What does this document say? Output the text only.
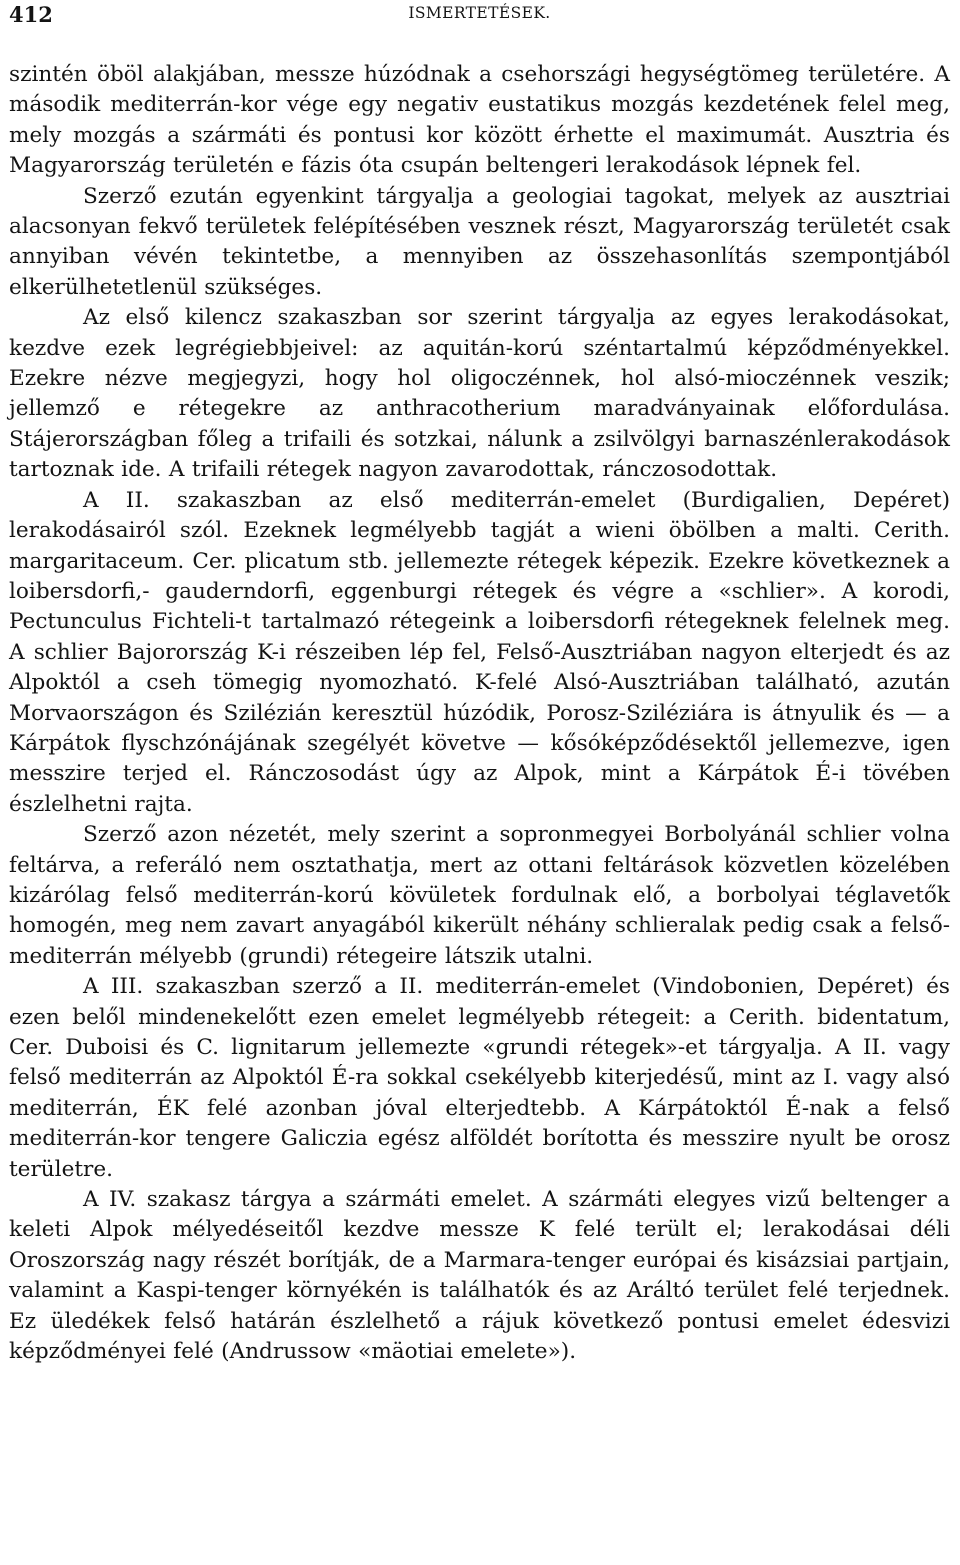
412	ISMERTETÉSEK.

szintén öböl alakjában, messze húzódnak a csehországi hegységtömeg területére. A második mediterrán-kor vége egy negativ eustatikus mozgás kezdetének felel meg, mely mozgás a szármáti és pontusi kor között érhette el maximumát. Ausztria és Magyarország területén e fázis óta csupán beltengeri lerakodások lépnek fel.

Szerző ezután egyenkint tárgyalja a geologiai tagokat, melyek az ausztriai alacsonyan fekvő területek felépítésében vesznek részt, Magyarország területét csak annyiban vévén tekintetbe, a mennyiben az összehasonlítás szempontjából elkerülhetetlenül szükséges.

Az első kilencz szakaszban sor szerint tárgyalja az egyes lerakodásokat, kezdve ezek legrégiebbjeivel: az aquitán-korú széntartalmú képződményekkel. Ezekre nézve megjegyzi, hogy hol oligoczénnek, hol alsó-mioczénnek veszik; jellemző e rétegekre az anthracotherium maradványainak előfordulása. Stájerországban főleg a trifaili és sotzkai, nálunk a zsilvölgyi barnaszénlerakodások tartoznak ide. A trifaili rétegek nagyon zavarodottak, ránczosodottak.

A II. szakaszban az első mediterrán-emelet (Burdigalien, Depéret) lerakodásairól szól. Ezeknek legmélyebb tagját a wieni öbölben a malti. Cerith. margaritaceum. Cer. plicatum stb. jellemezte rétegek képezik. Ezekre következnek a loibersdorfi,- gauderndorfi, eggenburgi rétegek és végre a «schlier». A korodi, Pectunculus Fichteli-t tartalmazó rétegeink a loibersdorfi rétegeknek felelnek meg. A schlier Bajorország K-i részeiben lép fel, Felső-Ausztriában nagyon elterjedt és az Alpoktól a cseh tömegig nyomozható. K-felé Alsó-Ausztriában található, azután Morvaországon és Szilézián keresztül húzódik, Porosz-Sziléziára is átnyulik és — a Kárpátok flyschzónájának szegélyét követve — kősóképződésektől jellemezve, igen messzire terjed el. Ránczosodást úgy az Alpok, mint a Kárpátok É-i tövében észlelhetni rajta.

Szerző azon nézetét, mely szerint a sopronmegyei Borbolyánál schlier volna feltárva, a referáló nem osztathatja, mert az ottani feltárások közvetlen közelében kizárólag felső mediterrán-korú kövületek fordulnak elő, a borbolyai téglavetők homogén, meg nem zavart anyagából kikerült néhány schlieralak pedig csak a felső-mediterrán mélyebb (grundi) rétegeire látszik utalni.

A III. szakaszban szerző a II. mediterrán-emelet (Vindobonien, Depéret) és ezen belől mindenekelőtt ezen emelet legmélyebb rétegeit: a Cerith. bidentatum, Cer. Duboisi és C. lignitarum jellemezte «grundi rétegek»-et tárgyalja. A II. vagy felső mediterrán az Alpoktól É-ra sokkal csekélyebb kiterjedésű, mint az I. vagy alsó mediterrán, ÉK felé azonban jóval elterjedtebb. A Kárpátoktól É-nak a felső mediterrán-kor tengere Galiczia egész alföldét borította és messzire nyult be orosz területre.

A IV. szakasz tárgya a szármáti emelet. A szármáti elegyes vizű beltenger a keleti Alpok mélyedéseitől kezdve messze K felé terült el; lerakodásai déli Oroszország nagy részét borítják, de a Marmara-tenger európai és kisázsiai partjain, valamint a Kaspi-tenger környékén is találhatók és az Aráltó terület felé terjednek. Ez üledékek felső határán észlelhető a rájuk következő pontusi emelet édesvizi képződményei felé (Andrussow «mäotiai emelete»).
